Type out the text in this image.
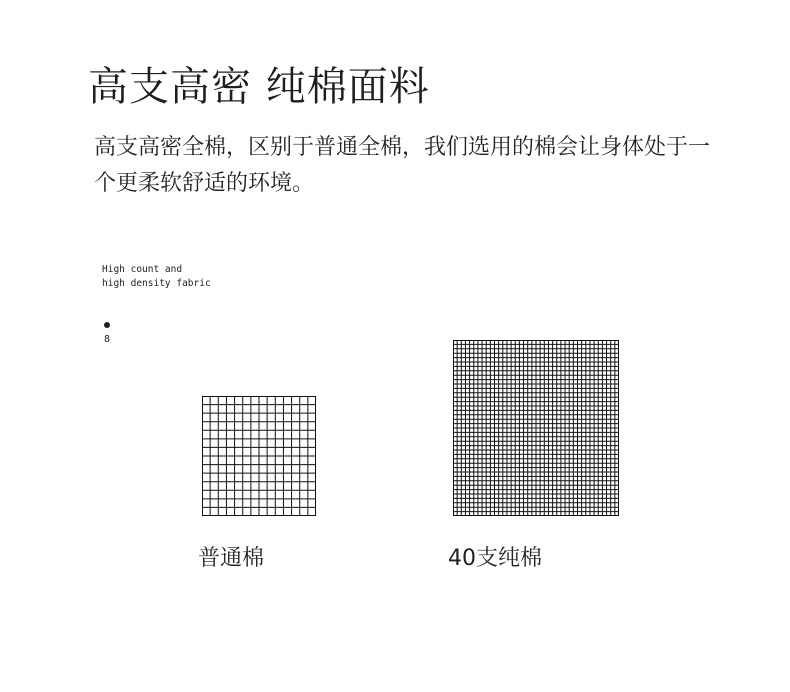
高支高密 纯棉面料
高支高密全棉，区别于普通全棉，我们选用的棉会让身体处于一个更柔软舒适的环境。
High count and
high density fabric
8
普通棉	40支纯棉
